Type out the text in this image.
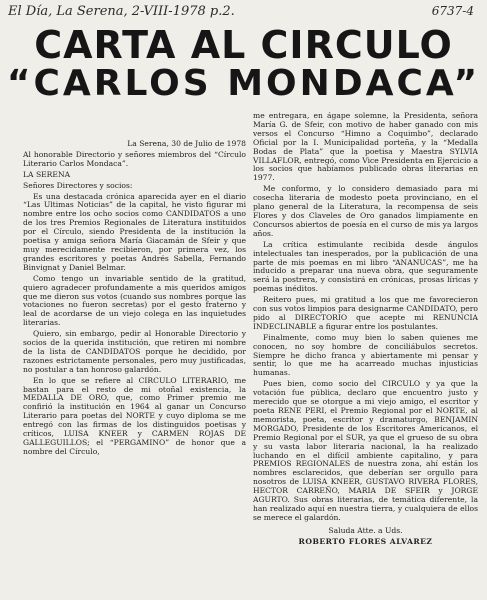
El Día, La Serena, 2-VIII-1978 p.2.	6737-4
CARTA AL CIRCULO
“CARLOS MONDACA”

La Serena, 30 de Julio de 1978

Al honorable Directorio y señores miembros del “Círculo Literario Carlos Mondaca”.

LA SERENA

Señores Directores y socios:

Es una destacada crónica aparecida ayer en el diario “Las Ultimas Noticias” de la capital, he visto figurar mi nombre entre los ocho socios como CANDIDATOS a uno de los tres Premios Regionales de Literatura instituidos por el Círculo, siendo Presidenta de la institución la poetisa y amiga señora María Giacamán de Sfeir y que muy merecidamente recibieron, por primera vez, los grandes escritores y poetas Andrés Sabella, Fernando Binvignat y Daniel Belmar.

Como tengo un invariable sentido de la gratitud, quiero agradecer profundamente a mis queridos amigos que me dieron sus votos (cuando sus nombres porque las votaciones no fueron secretas) por el gesto fraterno y leal de acordarse de un viejo colega en las inquietudes literarias.

Quiero, sin embargo, pedir al Honorable Directorio y socios de la querida institución, que retiren mi nombre de la lista de CANDIDATOS porque he decidido, por razones estrictamente personales, pero muy justificadas, no postular a tan honroso galardón.

En lo que se refiere al CIRCULO LITERARIO, me bastan para el resto de mi otoñal existencia, la MEDALLA DE ORO, que, como Primer premio me confirió la institución en 1964 al ganar un Concurso Literario para poetas del NORTE y cuyo diploma se me entregó con las firmas de los distinguidos poetisas y críticos, LUISA KNEER y CARMEN ROJAS DE GALLEGUILLOS; el “PERGAMINO” de honor que a nombre del Círculo,

me entregara, en ágape solemne, la Presidenta, señora María G. de Sfeir, con motivo de haber ganado con mis versos el Concurso “Himno a Coquimbo”, declarado Oficial por la I. Municipalidad porteña, y la “Medalla Bodas de Plata” que la poetisa y Maestra SYLVIA VILLAFLOR, entregó, como Vice Presidenta en Ejercicio a los socios que habíamos publicado obras literarias en 1977.

Me conformo, y lo considero demasiado para mi cosecha literaria de modesto poeta provinciano, en el plano general de la Literatura, la recompensa de seis Flores y dos Claveles de Oro ganados limpiamente en Concursos abiertos de poesía en el curso de mis ya largos años.

La crítica estimulante recibida desde ángulos intelectuales tan inesperados, por la publicación de una parte de mis poemas en mi libro “ANANUCAS”, me ha inducido a preparar una nueva obra, que seguramente será la postrera, y consistirá en crónicas, prosas líricas y poemas inéditos.

Reitero pues, mi gratitud a los que me favorecieron con sus votos limpios para designarme CANDIDATO, pero pido al DIRECTORIO que acepte mi RENUNCIA INDECLINABLE a figurar entre los postulantes.

Finalmente, como muy bien lo saben quienes me conocen, no soy hombre de conciliábulos secretos. Siempre he dicho franca y abiertamente mi pensar y sentir, lo que me ha acarreado muchas injusticias humanas.

Pues bien, como socio del CIRCULO y ya que la votación fue pública, declaro que encuentro justo y merecido que se otorgue a mi viejo amigo, el escritor y poeta RENE PERI, el Premio Regional por el NORTE, al memorista, poeta, escritor y dramaturgo, BENJAMIN MORGADO, Presidente de los Escritores Americanos, el Premio Regional por el SUR, ya que el grueso de su obra y su vasta labor literaria nacional, la ha realizado luchando en el difícil ambiente capitalino, y para PREMIOS REGIONALES de nuestra zona, ahí están los nombres esclarecidos, que deberían ser orgullo para nosotros de LUISA KNEER, GUSTAVO RIVERA FLORES, HECTOR CARREÑO, MARIA DE SFEIR y JORGE AGURTO. Sus obras literarias, de temática diferente, la han realizado aquí en nuestra tierra, y cualquiera de ellos se merece el galardón.

Saluda Atte. a Uds.

ROBERTO FLORES ALVAREZ
